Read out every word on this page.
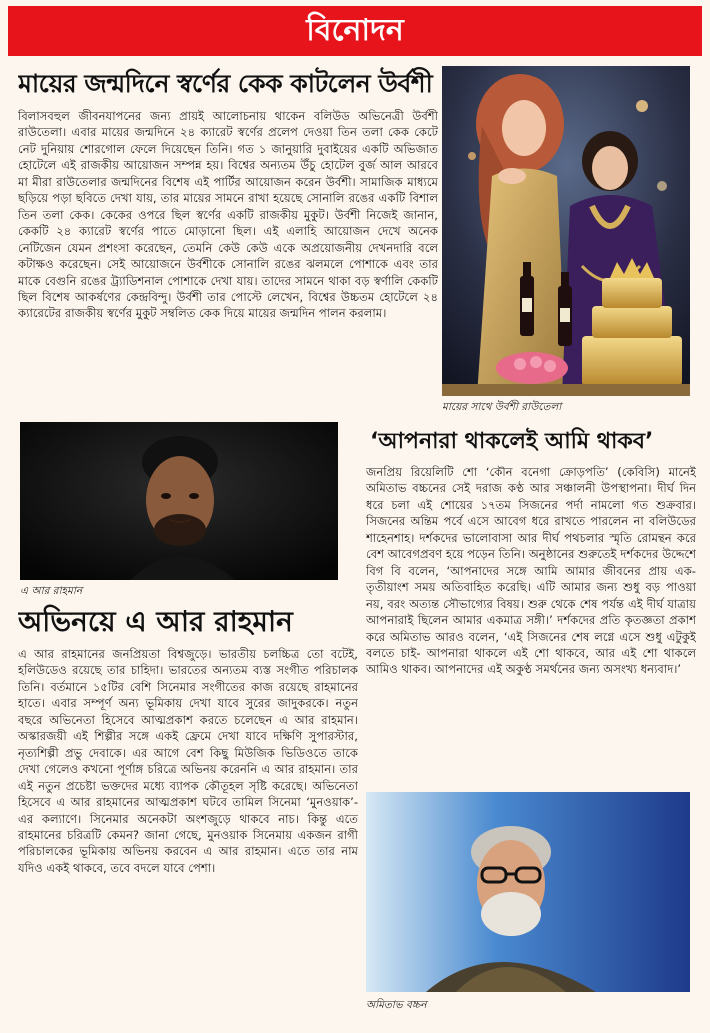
বিনোদন
মায়ের জন্মদিনে স্বর্ণের কেক কাটলেন উর্বশী
বিলাসবহুল জীবনযাপনের জন্য প্রায়ই আলোচনায় থাকেন বলিউড অভিনেত্রী উর্বশী রাউতেলা। এবার মায়ের জন্মদিনে ২৪ ক্যারেট স্বর্ণের প্রলেপ দেওয়া তিন তলা কেক কেটে নেট দুনিয়ায় শোরগোল ফেলে দিয়েছেন তিনি। গত ১ জানুয়ারি দুবাইয়ের একটি অভিজাত হোটেলে এই রাজকীয় আয়োজন সম্পন্ন হয়। বিশ্বের অন্যতম উঁচু হোটেল বুর্জ আল আরবে মা মীরা রাউতেলার জন্মদিনের বিশেষ এই পার্টির আয়োজন করেন উর্বশী। সামাজিক মাধ্যমে ছড়িয়ে পড়া ছবিতে দেখা যায়, তার মায়ের সামনে রাখা হয়েছে সোনালি রঙের একটি বিশাল তিন তলা কেক। কেকের ওপরে ছিল স্বর্ণের একটি রাজকীয় মুকুট। উর্বশী নিজেই জানান, কেকটি ২৪ ক্যারেট স্বর্ণের পাতে মোড়ানো ছিল। এই এলাহি আয়োজন দেখে অনেক নেটিজেন যেমন প্রশংসা করেছেন, তেমনি কেউ কেউ একে অপ্রয়োজনীয় দেখনদারি বলে কটাক্ষও করেছেন। সেই আয়োজনে উর্বশীকে সোনালি রঙের ঝলমলে পোশাকে এবং তার মাকে বেগুনি রঙের ট্র্যাডিশনাল পোশাকে দেখা যায়। তাদের সামনে থাকা বড় স্বর্ণালি কেকটি ছিল বিশেষ আকর্ষণের কেন্দ্রবিন্দু। উর্বশী তার পোস্টে লেখেন, বিশ্বের উচ্চতম হোটেলে ২৪ ক্যারেটের রাজকীয় স্বর্ণের মুকুট সম্বলিত কেক দিয়ে মায়ের জন্মদিন পালন করলাম।
মায়ের সাথে উর্বশী রাউতেলা
এ আর রাহমান
‘আপনারা থাকলেই আমি থাকব’
জনপ্রিয় রিয়েলিটি শো ‘কৌন বনেগা ক্রোড়পতি’ (কেবিসি) মানেই অমিতাভ বচ্চনের সেই দরাজ কণ্ঠ আর সঞ্চালনী উপস্থাপনা। দীর্ঘ দিন ধরে চলা এই শোয়ের ১৭তম সিজনের পর্দা নামলো গত শুক্রবার। সিজনের অন্তিম পর্বে এসে আবেগ ধরে রাখতে পারলেন না বলিউডের শাহেনশাহ। দর্শকদের ভালোবাসা আর দীর্ঘ পথচলার স্মৃতি রোমন্থন করে বেশ আবেগপ্রবণ হয়ে পড়েন তিনি। অনুষ্ঠানের শুরুতেই দর্শকদের উদ্দেশে বিগ বি বলেন, ‘আপনাদের সঙ্গে আমি আমার জীবনের প্রায় এক-তৃতীয়াংশ সময় অতিবাহিত করেছি। এটি আমার জন্য শুধু বড় পাওয়া নয়, বরং অত্যন্ত সৌভাগ্যের বিষয়। শুরু থেকে শেষ পর্যন্ত এই দীর্ঘ যাত্রায় আপনারাই ছিলেন আমার একমাত্র সঙ্গী।’ দর্শকদের প্রতি কৃতজ্ঞতা প্রকাশ করে অমিতাভ আরও বলেন, ‘এই সিজনের শেষ লগ্নে এসে শুধু এটুকুই বলতে চাই- আপনারা থাকলে এই শো থাকবে, আর এই শো থাকলে আমিও থাকব। আপনাদের এই অকুণ্ঠ সমর্থনের জন্য অসংখ্য ধন্যবাদ।’
অমিতাভ বচ্চন
অভিনয়ে এ আর রাহমান
এ আর রাহমানের জনপ্রিয়তা বিশ্বজুড়ে। ভারতীয় চলচ্চিত্র তো বটেই, হলিউডেও রয়েছে তার চাহিদা। ভারতের অন্যতম ব্যস্ত সংগীত পরিচালক তিনি। বর্তমানে ১৫টির বেশি সিনেমার সংগীতের কাজ রয়েছে রাহমানের হাতে। এবার সম্পূর্ণ অন্য ভূমিকায় দেখা যাবে সুরের জাদুকরকে। নতুন বছরে অভিনেতা হিসেবে আত্মপ্রকাশ করতে চলেছেন এ আর রাহমান। অস্কারজয়ী এই শিল্পীর সঙ্গে একই ফ্রেমে দেখা যাবে দক্ষিণি সুপারস্টার, নৃত্যশিল্পী প্রভু দেবাকে। এর আগে বেশ কিছু মিউজিক ভিডিওতে তাকে দেখা গেলেও কখনো পূর্ণাঙ্গ চরিত্রে অভিনয় করেননি এ আর রাহমান। তার এই নতুন প্রচেষ্টা ভক্তদের মধ্যে ব্যাপক কৌতূহল সৃষ্টি করেছে। অভিনেতা হিসেবে এ আর রাহমানের আত্মপ্রকাশ ঘটবে তামিল সিনেমা ‘মুনওয়াক’-এর কল্যাণে। সিনেমার অনেকটা অংশজুড়ে থাকবে নাচ। কিন্তু এতে রাহমানের চরিত্রটি কেমন? জানা গেছে, মুনওয়াক সিনেমায় একজন রাগী পরিচালকের ভূমিকায় অভিনয় করবেন এ আর রাহমান। এতে তার নাম যদিও একই থাকবে, তবে বদলে যাবে পেশা।
